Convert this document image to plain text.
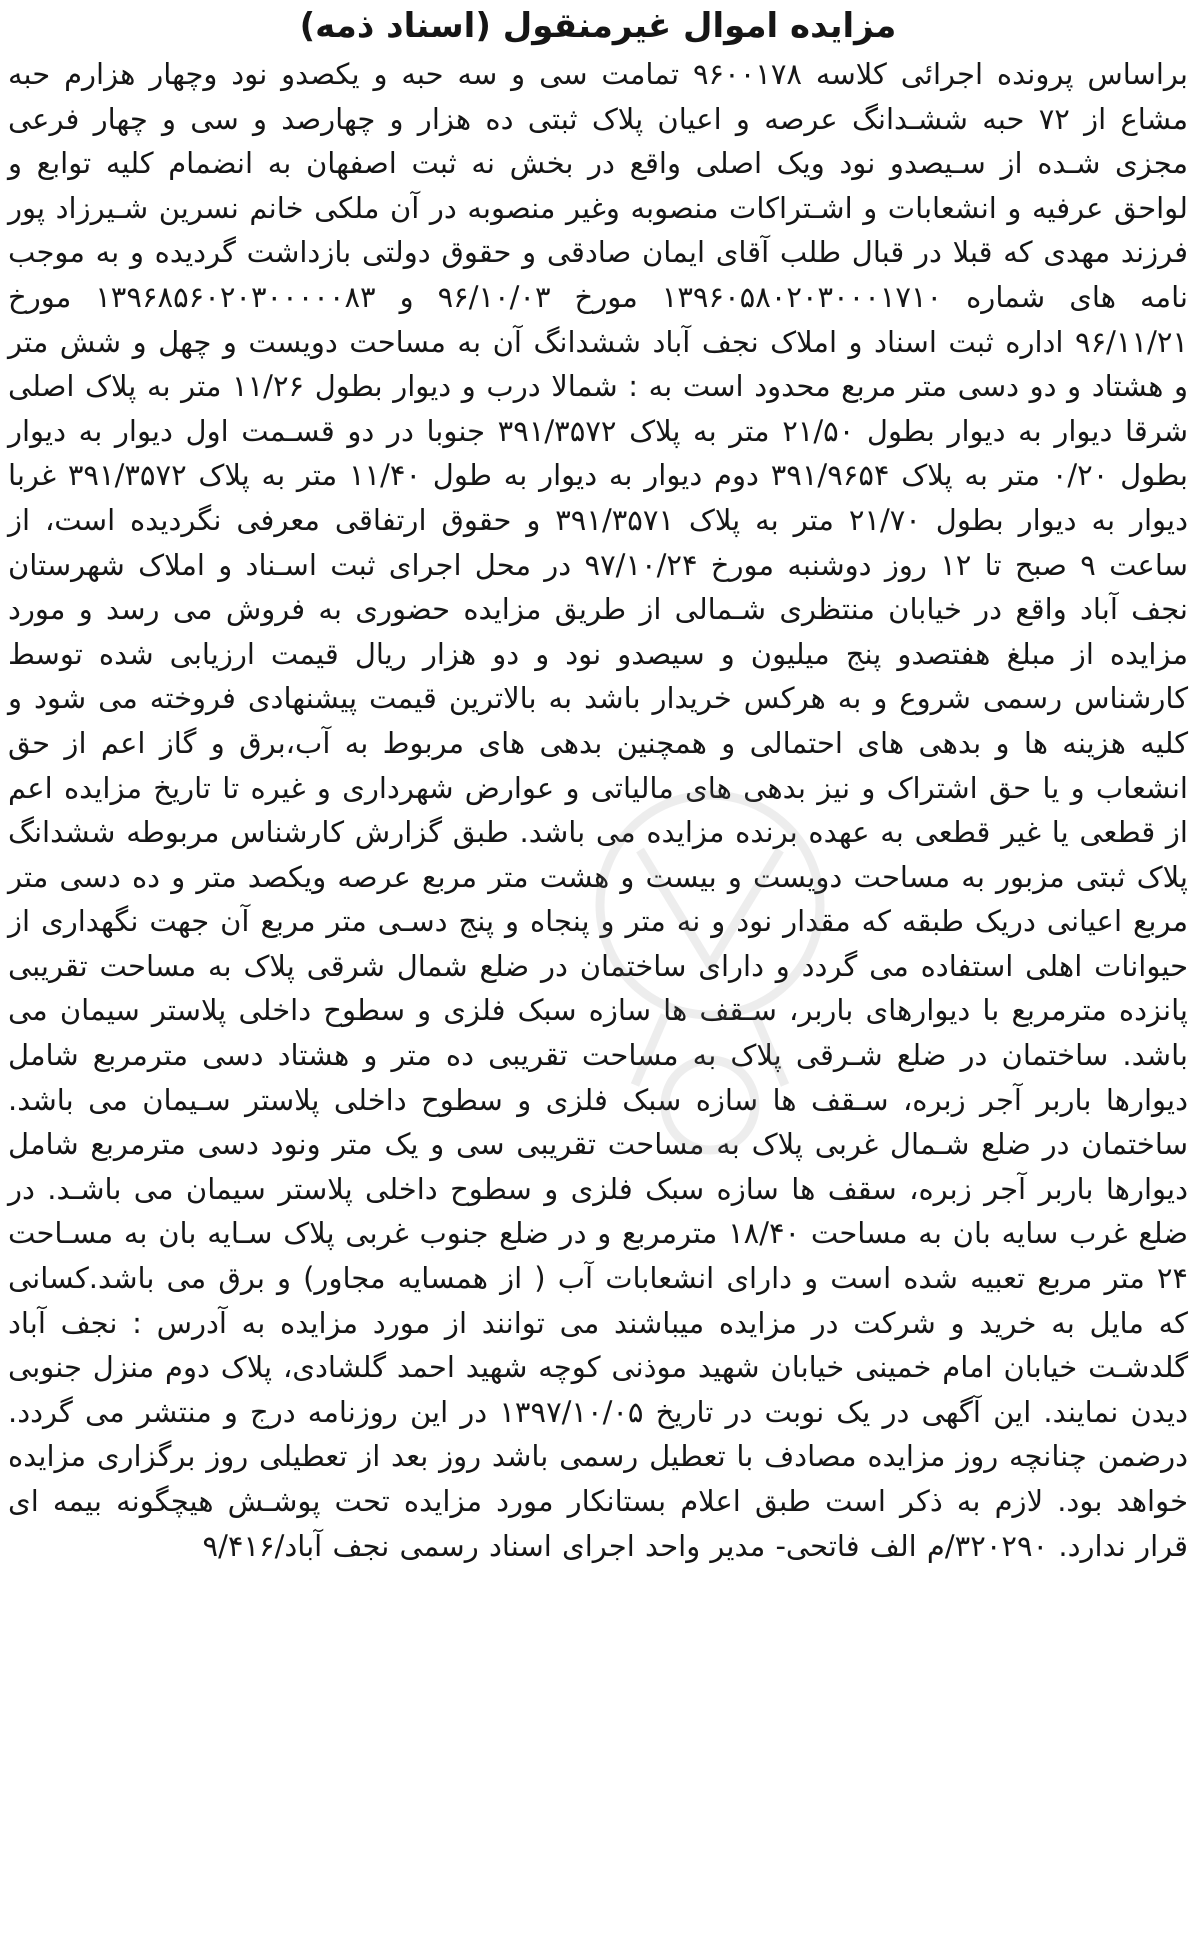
مزایده اموال غیرمنقول (اسناد ذمه)

براساس پرونده اجرائی کلاسه ۹۶۰۰۱۷۸ تمامت سی و سه حبه و یکصدو نود وچهار هزارم حبه مشاع از ۷۲ حبه ششـدانگ عرصه و اعیان پلاک ثبتی ده هزار و چهارصد و سی و چهار فرعی مجزی شـده از سـیصدو نود ویک اصلی واقع در بخش نه ثبت اصفهان به انضمام کلیه توابع و لواحق عرفیه و انشعابات و اشـتراکات منصوبه وغیر منصوبه در آن ملکی خانم نسرین شـیرزاد پور فرزند مهدی که قبلا در قبال طلب آقای ایمان صادقی و حقوق دولتی بازداشت گردیده و به موجب نامه های شماره ۱۳۹۶۰۵۸۰۲۰۳۰۰۰۱۷۱۰ مورخ ۹۶/۱۰/۰۳ و ۱۳۹۶۸۵۶۰۲۰۳۰۰۰۰۰۸۳ مورخ ۹۶/۱۱/۲۱ اداره ثبت اسناد و املاک نجف آباد ششدانگ آن به مساحت دویست و چهل و شش متر و هشتاد و دو دسی متر مربع محدود است به : شمالا درب و دیوار بطول ۱۱/۲۶ متر به پلاک اصلی شرقا دیوار به دیوار بطول ۲۱/۵۰ متر به پلاک ۳۹۱/۳۵۷۲ جنوبا در دو قسـمت اول دیوار به دیوار بطول ۰/۲۰ متر به پلاک ۳۹۱/۹۶۵۴ دوم دیوار به دیوار به طول ۱۱/۴۰ متر به پلاک ۳۹۱/۳۵۷۲ غربا دیوار به دیوار بطول ۲۱/۷۰ متر به پلاک ۳۹۱/۳۵۷۱ و حقوق ارتفاقی معرفی نگردیده است، از ساعت ۹ صبح تا ۱۲ روز دوشنبه مورخ ۹۷/۱۰/۲۴ در محل اجرای ثبت اسـناد و املاک شهرستان نجف آباد واقع در خیابان منتظری شـمالی از طریق مزایده حضوری به فروش می رسد و مورد مزایده از مبلغ هفتصدو پنج میلیون و سیصدو نود و دو هزار ریال قیمت ارزیابی شده توسط کارشناس رسمی شروع و به هرکس خریدار باشد به بالاترین قیمت پیشنهادی فروخته می شود و کلیه هزینه ها و بدهی های احتمالی و همچنین بدهی های مربوط به آب،برق و گاز اعم از حق انشعاب و یا حق اشتراک و نیز بدهی های مالیاتی و عوارض شهرداری و غیره تا تاریخ مزایده اعم از قطعی یا غیر قطعی به عهده برنده مزایده می باشد. طبق گزارش کارشناس مربوطه ششدانگ پلاک ثبتی مزبور به مساحت دویست و بیست و هشت متر مربع عرصه ویکصد متر و ده دسی متر مربع اعیانی دریک طبقه که مقدار نود و نه متر و پنجاه و پنج دسـی متر مربع آن جهت نگهداری از حیوانات اهلی استفاده می گردد و دارای ساختمان در ضلع شمال شرقی پلاک به مساحت تقریبی پانزده مترمربع با دیوارهای باربر، سـقف ها سازه سبک فلزی و سطوح داخلی پلاستر سیمان می باشد. ساختمان در ضلع شـرقی پلاک به مساحت تقریبی ده متر و هشتاد دسی مترمربع شامل دیوارها باربر آجر زبره، سـقف ها سازه سبک فلزی و سطوح داخلی پلاستر سـیمان می باشد. ساختمان در ضلع شـمال غربی پلاک به مساحت تقریبی سی و یک متر ونود دسی مترمربع شامل دیوارها باربر آجر زبره، سقف ها سازه سبک فلزی و سطوح داخلی پلاستر سیمان می باشـد. در ضلع غرب سایه بان به مساحت ۱۸/۴۰ مترمربع و در ضلع جنوب غربی پلاک سـایه بان به مسـاحت ۲۴ متر مربع تعبیه شده است و دارای انشعابات آب ( از همسایه مجاور) و برق می باشد.کسانی که مایل به خرید و شرکت در مزایده میباشند می توانند از مورد مزایده به آدرس : نجف آباد گلدشـت خیابان امام خمینی خیابان شهید موذنی کوچه شهید احمد گلشادی، پلاک دوم منزل جنوبی دیدن نمایند. این آگهی در یک نوبت در تاریخ ۱۳۹۷/۱۰/۰۵ در این روزنامه درج و منتشر می گردد. درضمن چنانچه روز مزایده مصادف با تعطیل رسمی باشد روز بعد از تعطیلی روز برگزاری مزایده خواهد بود. لازم به ذکر است طبق اعلام بستانکار مورد مزایده تحت پوشـش هیچگونه بیمه ای قرار ندارد. ۳۲۰۲۹۰/م الف فاتحی- مدیر واحد اجرای اسناد رسمی نجف آباد/۹/۴۱۶
